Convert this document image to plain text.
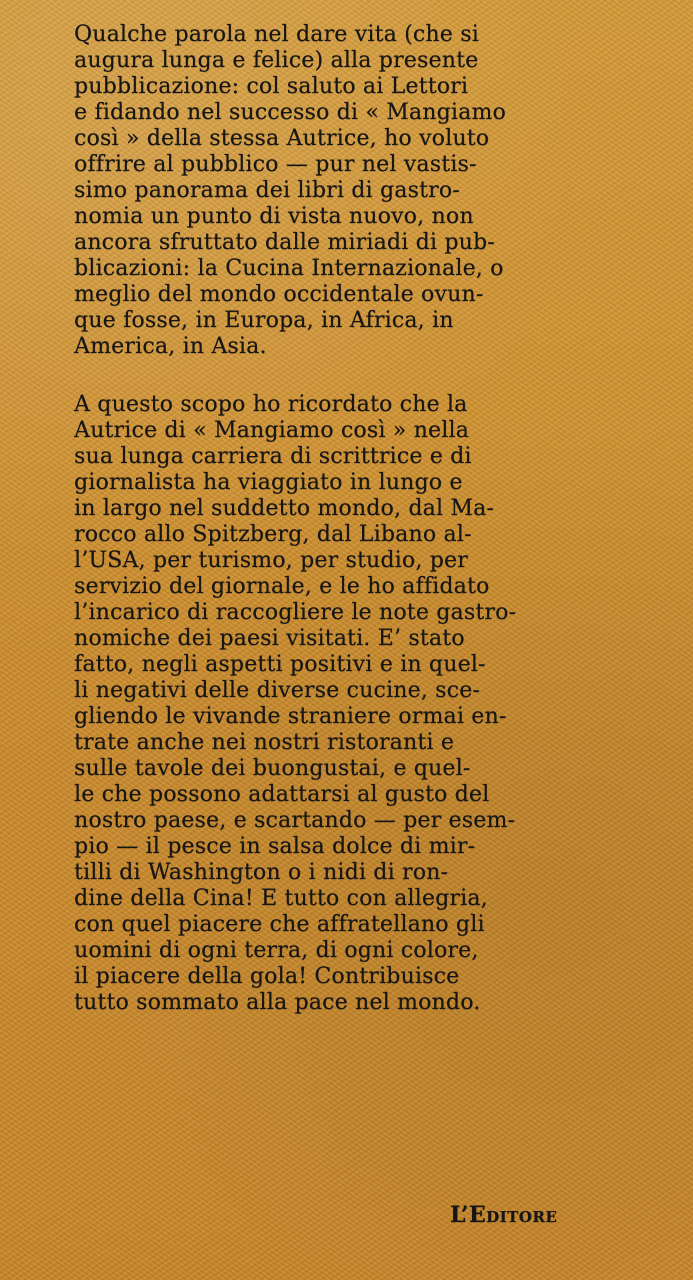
Qualche parola nel dare vita (che si
augura lunga e felice) alla presente
pubblicazione: col saluto ai Lettori
e fidando nel successo di « Mangiamo
così » della stessa Autrice, ho voluto
offrire al pubblico — pur nel vastis-
simo panorama dei libri di gastro-
nomia un punto di vista nuovo, non
ancora sfruttato dalle miriadi di pub-
blicazioni: la Cucina Internazionale, o
meglio del mondo occidentale ovun-
que fosse, in Europa, in Africa, in
America, in Asia.
A questo scopo ho ricordato che la
Autrice di « Mangiamo così » nella
sua lunga carriera di scrittrice e di
giornalista ha viaggiato in lungo e
in largo nel suddetto mondo, dal Ma-
rocco allo Spitzberg, dal Libano al-
l’USA, per turismo, per studio, per
servizio del giornale, e le ho affidato
l’incarico di raccogliere le note gastro-
nomiche dei paesi visitati. E’ stato
fatto, negli aspetti positivi e in quel-
li negativi delle diverse cucine, sce-
gliendo le vivande straniere ormai en-
trate anche nei nostri ristoranti e
sulle tavole dei buongustai, e quel-
le che possono adattarsi al gusto del
nostro paese, e scartando — per esem-
pio — il pesce in salsa dolce di mir-
tilli di Washington o i nidi di ron-
dine della Cina! E tutto con allegria,
con quel piacere che affratellano gli
uomini di ogni terra, di ogni colore,
il piacere della gola! Contribuisce
tutto sommato alla pace nel mondo.
L’Editore
